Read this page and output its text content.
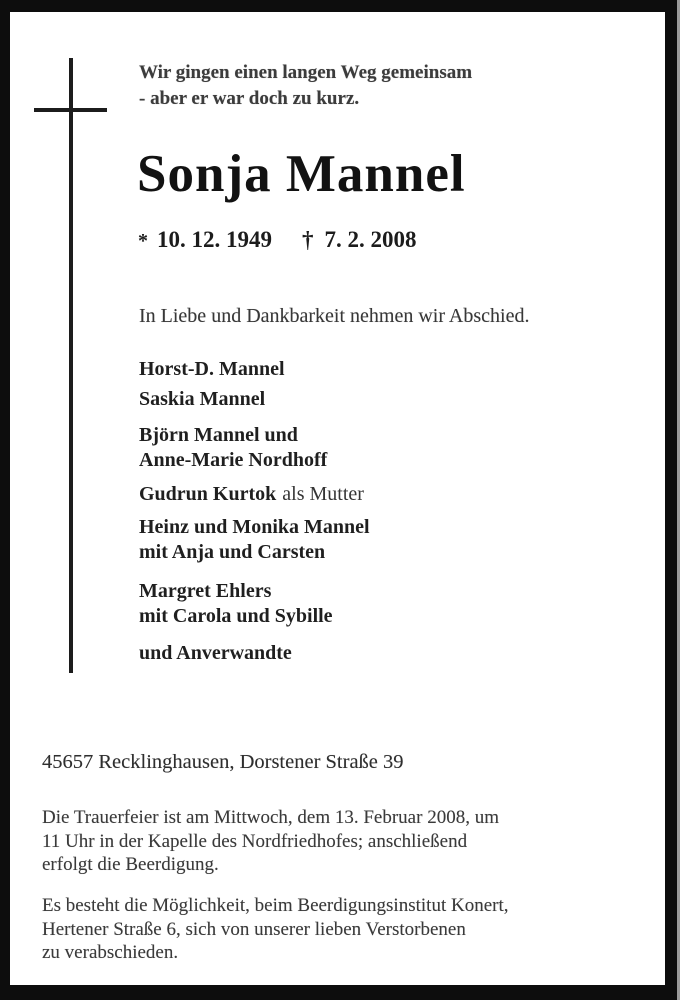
Wir gingen einen langen Weg gemeinsam
- aber er war doch zu kurz.
Sonja Mannel
* 10. 12. 1949 † 7. 2. 2008
In Liebe und Dankbarkeit nehmen wir Abschied.
Horst-D. Mannel
Saskia Mannel
Björn Mannel und
Anne-Marie Nordhoff
Gudrun Kurtok als Mutter
Heinz und Monika Mannel
mit Anja und Carsten
Margret Ehlers
mit Carola und Sybille
und Anverwandte
45657 Recklinghausen, Dorstener Straße 39
Die Trauerfeier ist am Mittwoch, dem 13. Februar 2008, um
11 Uhr in der Kapelle des Nordfriedhofes; anschließend
erfolgt die Beerdigung.
Es besteht die Möglichkeit, beim Beerdigungsinstitut Konert,
Hertener Straße 6, sich von unserer lieben Verstorbenen
zu verabschieden.
